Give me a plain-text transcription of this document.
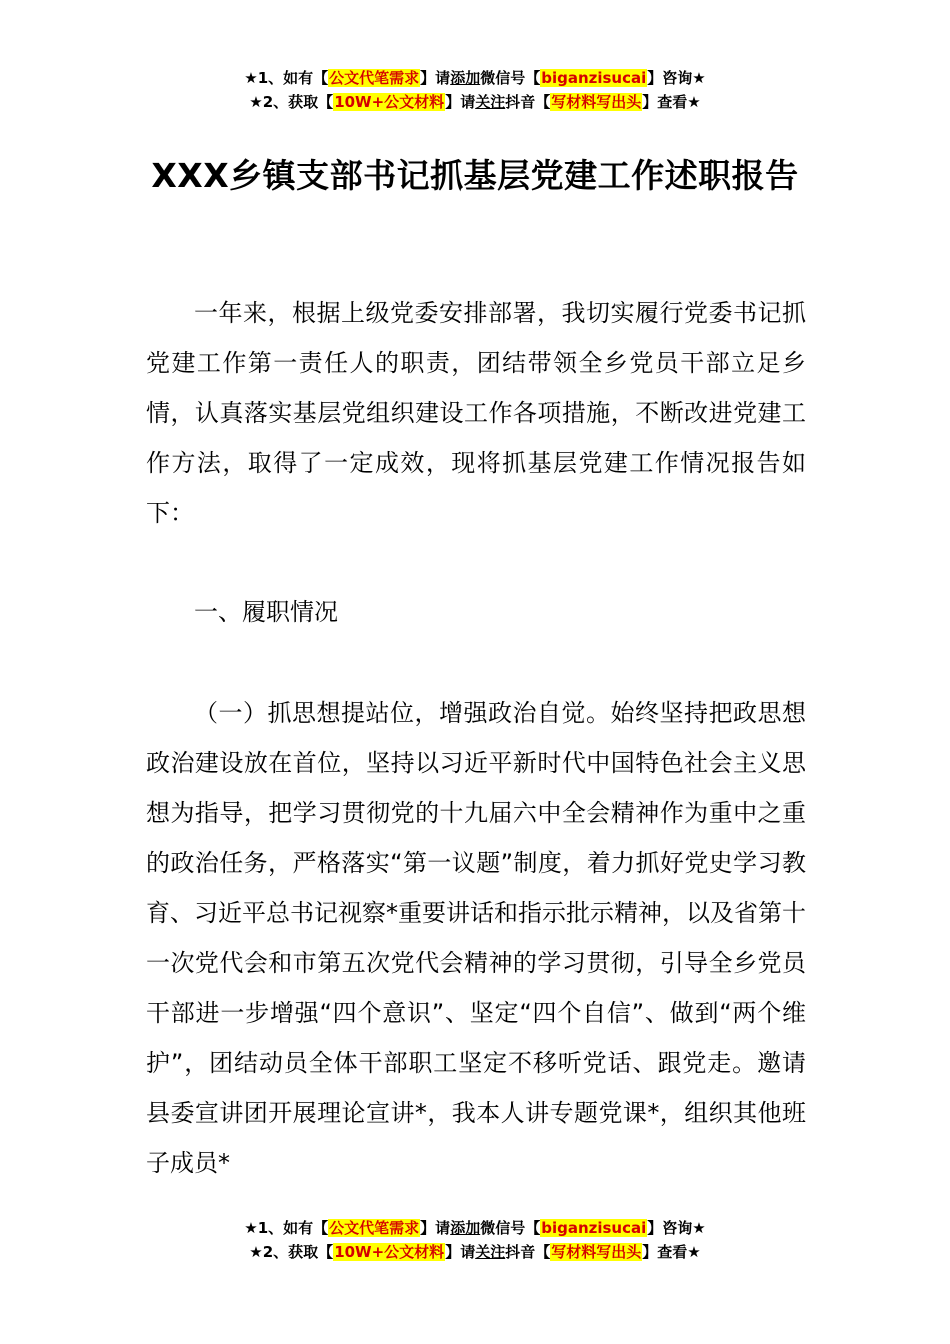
★1、如有【公文代笔需求】请添加微信号【biganzisucai】咨询★
★2、获取【10W+公文材料】请关注抖音【写材料写出头】查看★
XXX乡镇支部书记抓基层党建工作述职报告

一年来，根据上级党委安排部署，我切实履行党委书记抓党建工作第一责任人的职责，团结带领全乡党员干部立足乡情，认真落实基层党组织建设工作各项措施，不断改进党建工作方法，取得了一定成效，现将抓基层党建工作情况报告如下：

一、履职情况

（一）抓思想提站位，增强政治自觉。始终坚持把政思想政治建设放在首位，坚持以习近平新时代中国特色社会主义思想为指导，把学习贯彻党的十九届六中全会精神作为重中之重的政治任务，严格落实“第一议题”制度，着力抓好党史学习教育、习近平总书记视察*重要讲话和指示批示精神，以及省第十一次党代会和市第五次党代会精神的学习贯彻，引导全乡党员干部进一步增强“四个意识”、坚定“四个自信”、做到“两个维护”，团结动员全体干部职工坚定不移听党话、跟党走。邀请县委宣讲团开展理论宣讲*，我本人讲专题党课*，组织其他班子成员*

★1、如有【公文代笔需求】请添加微信号【biganzisucai】咨询★
★2、获取【10W+公文材料】请关注抖音【写材料写出头】查看★
